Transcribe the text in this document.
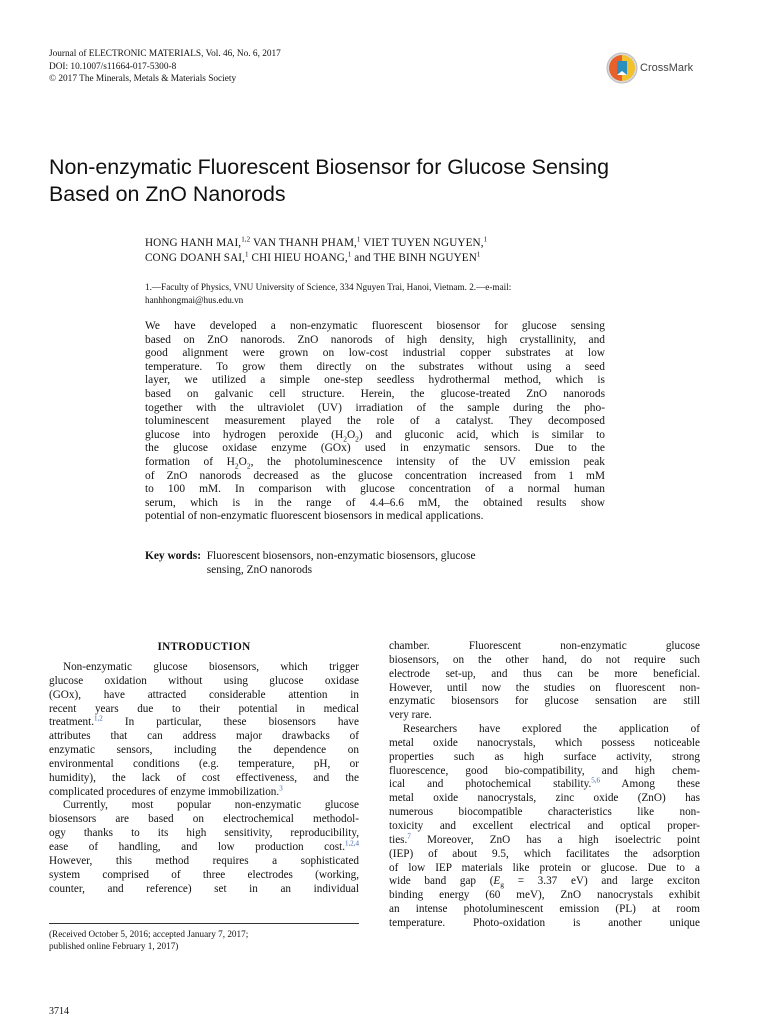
Journal of ELECTRONIC MATERIALS, Vol. 46, No. 6, 2017
DOI: 10.1007/s11664-017-5300-8
© 2017 The Minerals, Metals & Materials Society
CrossMark
Non-enzymatic Fluorescent Biosensor for Glucose Sensing
Based on ZnO Nanorods
HONG HANH MAI,$^{1,2}$ VAN THANH PHAM,$^1$ VIET TUYEN NGUYEN,$^1$
CONG DOANH SAI,$^1$ CHI HIEU HOANG,$^1$ and THE BINH NGUYEN$^1$
1.—Faculty of Physics, VNU University of Science, 334 Nguyen Trai, Hanoi, Vietnam. 2.—e-mail:
hanhhongmai@hus.edu.vn
We have developed a non-enzymatic fluorescent biosensor for glucose sensing
based on ZnO nanorods. ZnO nanorods of high density, high crystallinity, and
good alignment were grown on low-cost industrial copper substrates at low
temperature. To grow them directly on the substrates without using a seed
layer, we utilized a simple one-step seedless hydrothermal method, which is
based on galvanic cell structure. Herein, the glucose-treated ZnO nanorods
together with the ultraviolet (UV) irradiation of the sample during the pho-
toluminescent measurement played the role of a catalyst. They decomposed
glucose into hydrogen peroxide $(H_2O_2)$ and gluconic acid, which is similar to
the glucose oxidase enzyme (GOx) used in enzymatic sensors. Due to the
formation of $H_2O_2$, the photoluminescence intensity of the UV emission peak
of ZnO nanorods decreased as the glucose concentration increased from 1 mM
to 100 mM. In comparison with glucose concentration of a normal human
serum, which is in the range of 4.4–6.6 mM, the obtained results show
potential of non-enzymatic fluorescent biosensors in medical applications.
Key words:
Fluorescent biosensors, non-enzymatic biosensors, glucose
sensing, ZnO nanorods
INTRODUCTION
Non-enzymatic glucose biosensors, which trigger
glucose oxidation without using glucose oxidase
(GOx), have attracted considerable attention in
recent years due to their potential in medical
treatment.$^{1,2}$ In particular, these biosensors have
attributes that can address major drawbacks of
enzymatic sensors, including the dependence on
environmental conditions (e.g. temperature, pH, or
humidity), the lack of cost effectiveness, and the
complicated procedures of enzyme immobilization.$^3$
Currently, most popular non-enzymatic glucose
biosensors are based on electrochemical methodol-
ogy thanks to its high sensitivity, reproducibility,
ease of handling, and low production cost.$^{1,2,4}$
However, this method requires a sophisticated
system comprised of three electrodes (working,
counter, and reference) set in an individual
chamber. Fluorescent non-enzymatic glucose
biosensors, on the other hand, do not require such
electrode set-up, and thus can be more beneficial.
However, until now the studies on fluorescent non-
enzymatic biosensors for glucose sensation are still
very rare.
Researchers have explored the application of
metal oxide nanocrystals, which possess noticeable
properties such as high surface activity, strong
fluorescence, good bio-compatibility, and high chem-
ical and photochemical stability.$^{5,6}$ Among these
metal oxide nanocrystals, zinc oxide (ZnO) has
numerous biocompatible characteristics like non-
toxicity and excellent electrical and optical proper-
ties.$^7$ Moreover, ZnO has a high isoelectric point
(IEP) of about 9.5, which facilitates the adsorption
of low IEP materials like protein or glucose. Due to a
wide band gap ($E_g = 3.37$ eV) and large exciton
binding energy (60 meV), ZnO nanocrystals exhibit
an intense photoluminescent emission (PL) at room
temperature. Photo-oxidation is another unique
(Received October 5, 2016; accepted January 7, 2017;
published online February 1, 2017)
3714
